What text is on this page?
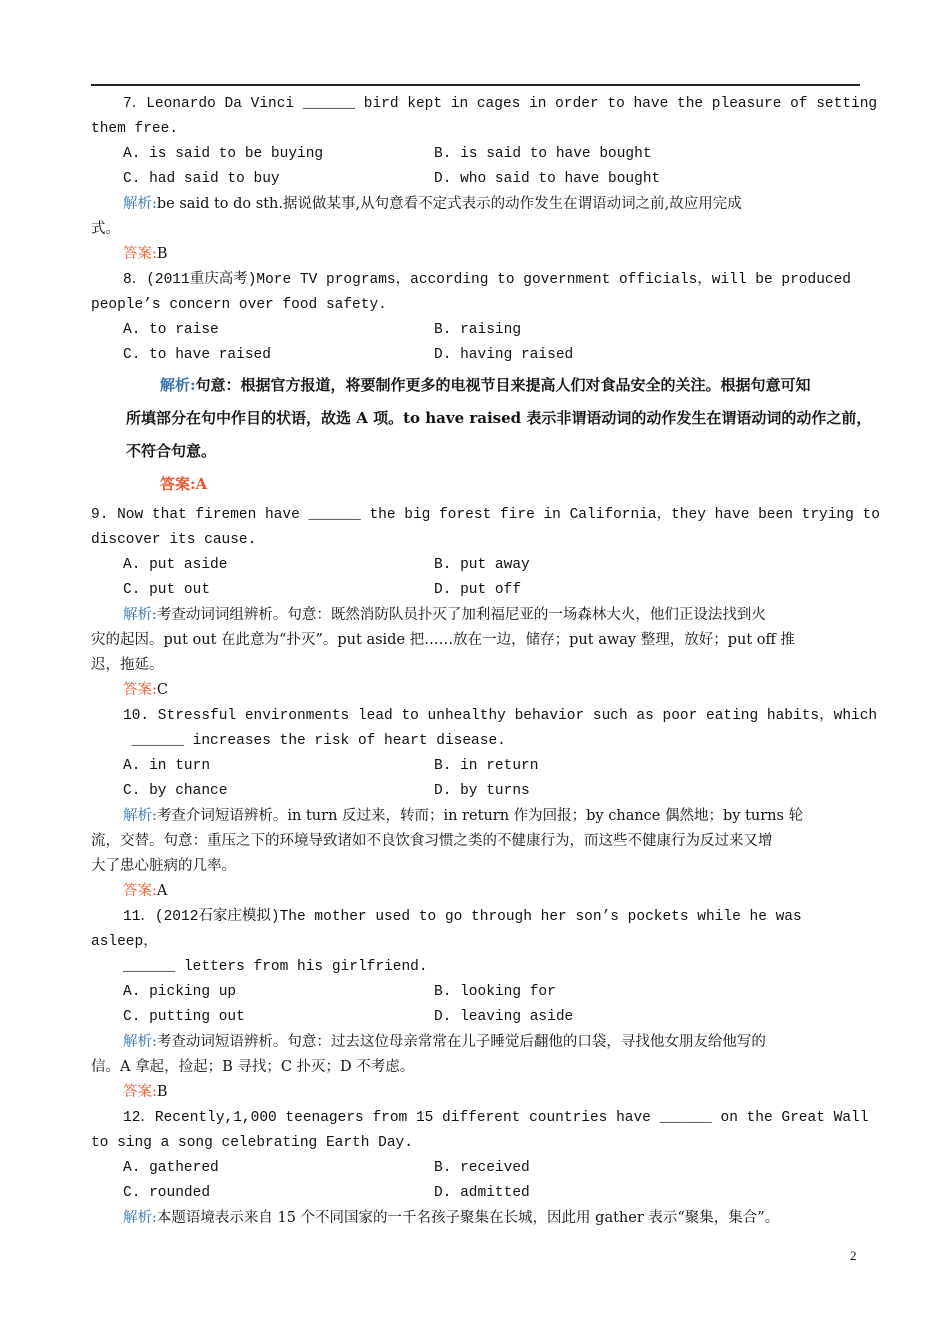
7．Leonardo Da Vinci ______ bird kept in cages in order to have the pleasure of setting
them free.
A. is said to be buying	B. is said to have bought
C. had said to buy	D. who said to have bought
解析:be said to do sth.据说做某事,从句意看不定式表示的动作发生在谓语动词之前,故应用完成
式。
答案:B
8．(2011重庆高考)More TV programs，according to government officials，will be produced
people’s concern over food safety.
A. to raise	B. raising
C. to have raised	D. having raised
解析:句意：根据官方报道，将要制作更多的电视节目来提高人们对食品安全的关注。根据句意可知
所填部分在句中作目的状语，故选 A 项。to have raised 表示非谓语动词的动作发生在谓语动词的动作之前，
不符合句意。
答案:A
9. Now that firemen have ______ the big forest fire in California，they have been trying to
discover its cause.
A. put aside	B. put away
C. put out	D. put off
解析:考查动词词组辨析。句意：既然消防队员扑灭了加利福尼亚的一场森林大火，他们正设法找到火
灾的起因。put out 在此意为“扑灭”。put aside 把……放在一边，储存；put away 整理，放好；put off 推
迟，拖延。
答案:C
10. Stressful environments lead to unhealthy behavior such as poor eating habits，which
______ increases the risk of heart disease.
A. in turn	B. in return
C. by chance	D. by turns
解析:考查介词短语辨析。in turn 反过来，转而；in return 作为回报；by chance 偶然地；by turns 轮
流，交替。句意：重压之下的环境导致诸如不良饮食习惯之类的不健康行为，而这些不健康行为反过来又增
大了患心脏病的几率。
答案:A
11．(2012石家庄模拟)The mother used to go through her son’s pockets while he was
asleep，
______ letters from his girlfriend.
A. picking up	B. looking for
C. putting out	D. leaving aside
解析:考查动词短语辨析。句意：过去这位母亲常常在儿子睡觉后翻他的口袋，寻找他女朋友给他写的
信。A 拿起，捡起；B 寻找；C 扑灭；D 不考虑。
答案:B
12．Recently,1,000 teenagers from 15 different countries have ______ on the Great Wall
to sing a song celebrating Earth Day.
A. gathered	B. received
C. rounded	D. admitted
解析:本题语境表示来自 15 个不同国家的一千名孩子聚集在长城，因此用 gather 表示“聚集，集合”。
2
